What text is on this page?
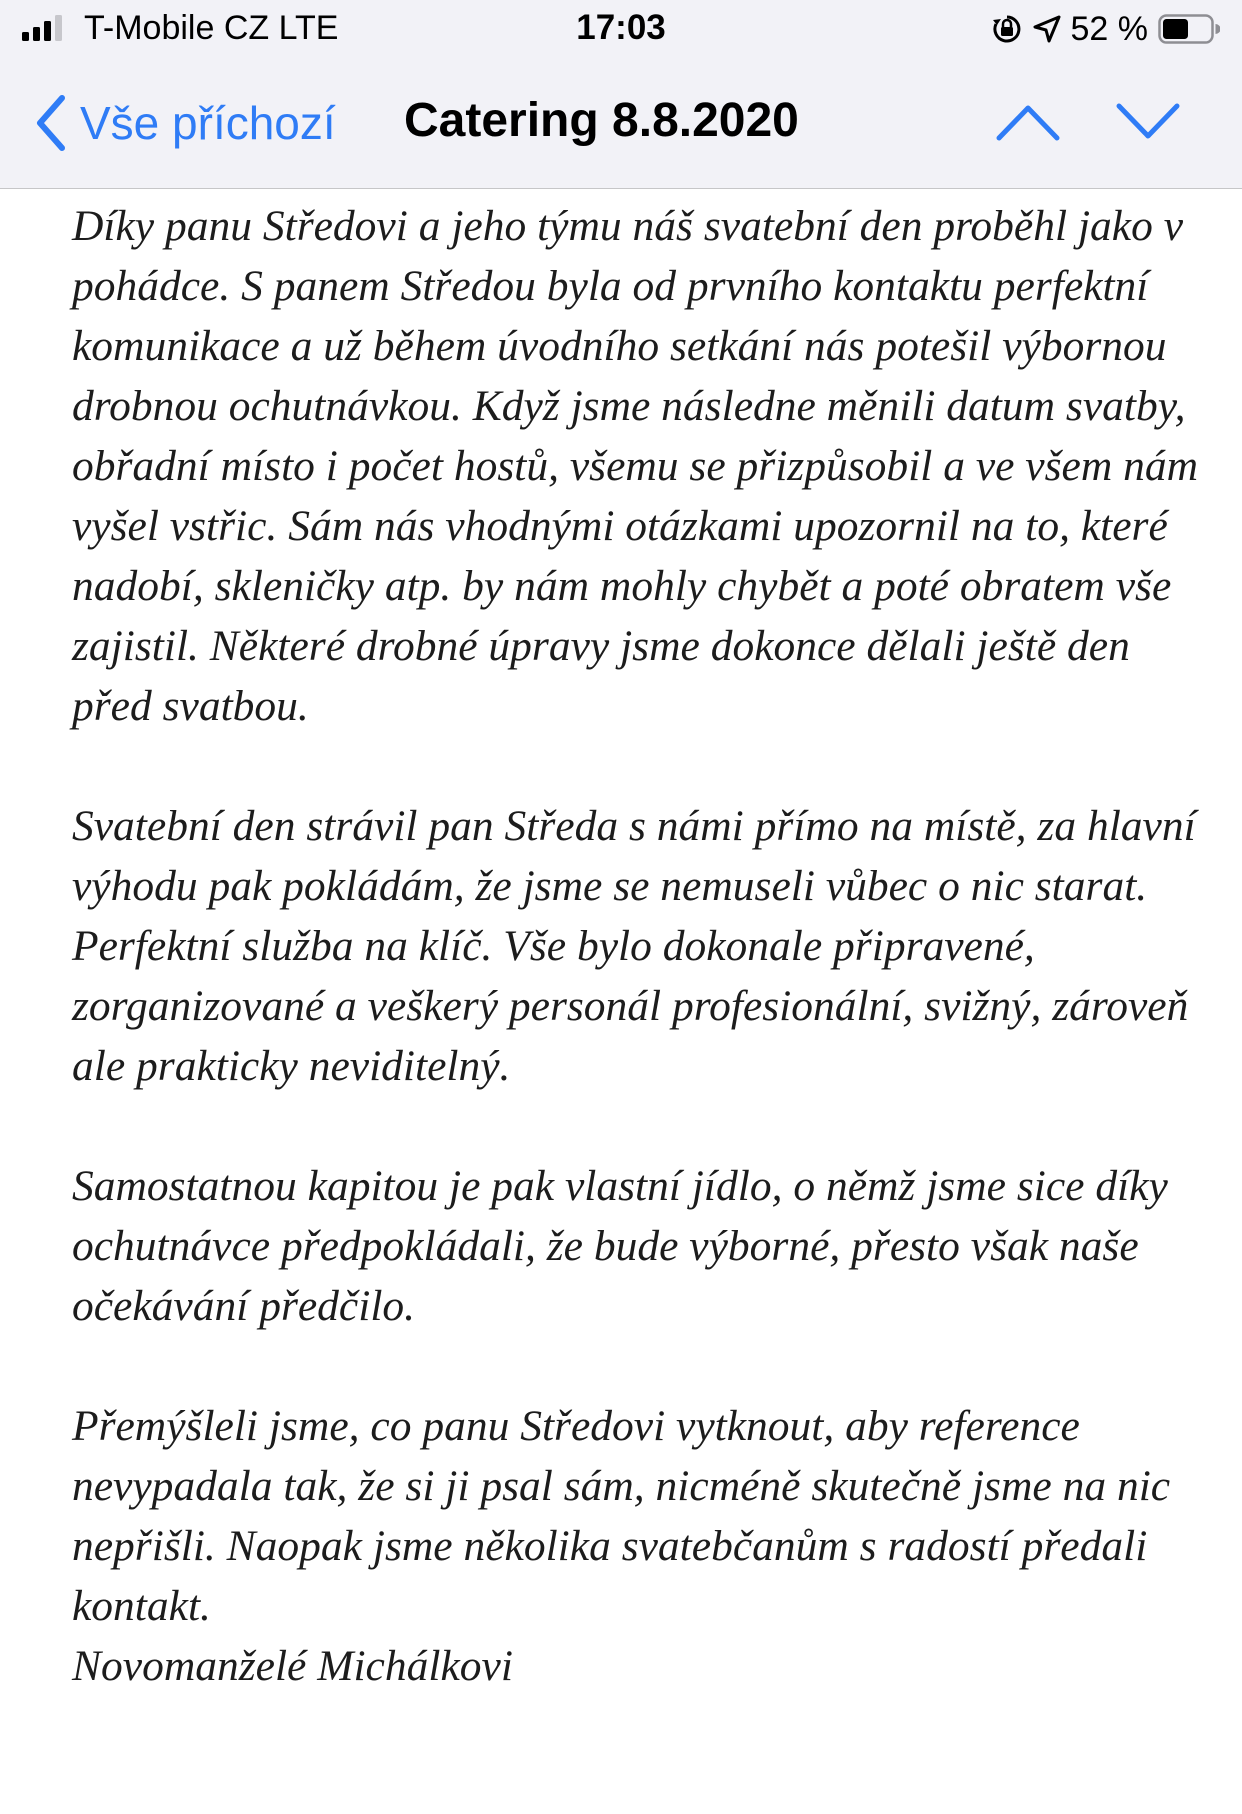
T-Mobile CZ LTE	17:03	52 %
Vše příchozí Catering 8.8.2020

Díky panu Středovi a jeho týmu náš svatební den proběhl jako v pohádce. S panem Středou byla od prvního kontaktu perfektní komunikace a už během úvodního setkání nás potešil výbornou drobnou ochutnávkou. Když jsme následne měnili datum svatby, obřadní místo i počet hostů, všemu se přizpůsobil a ve všem nám vyšel vstřic. Sám nás vhodnými otázkami upozornil na to, které nadobí, skleničky atp. by nám mohly chybět a poté obratem vše zajistil. Některé drobné úpravy jsme dokonce dělali ještě den před svatbou.

Svatební den strávil pan Středa s námi přímo na místě, za hlavní výhodu pak pokládám, že jsme se nemuseli vůbec o nic starat. Perfektní služba na klíč. Vše bylo dokonale připravené, zorganizované a veškerý personál profesionální, svižný, zároveň ale prakticky neviditelný.

Samostatnou kapitou je pak vlastní jídlo, o němž jsme sice díky ochutnávce předpokládali, že bude výborné, přesto však naše očekávání předčilo.

Přemýšleli jsme, co panu Středovi vytknout, aby reference nevypadala tak, že si ji psal sám, nicméně skutečně jsme na nic nepřišli. Naopak jsme několika svatebčanům s radostí předali kontakt.

Novomanželé Michálkovi
